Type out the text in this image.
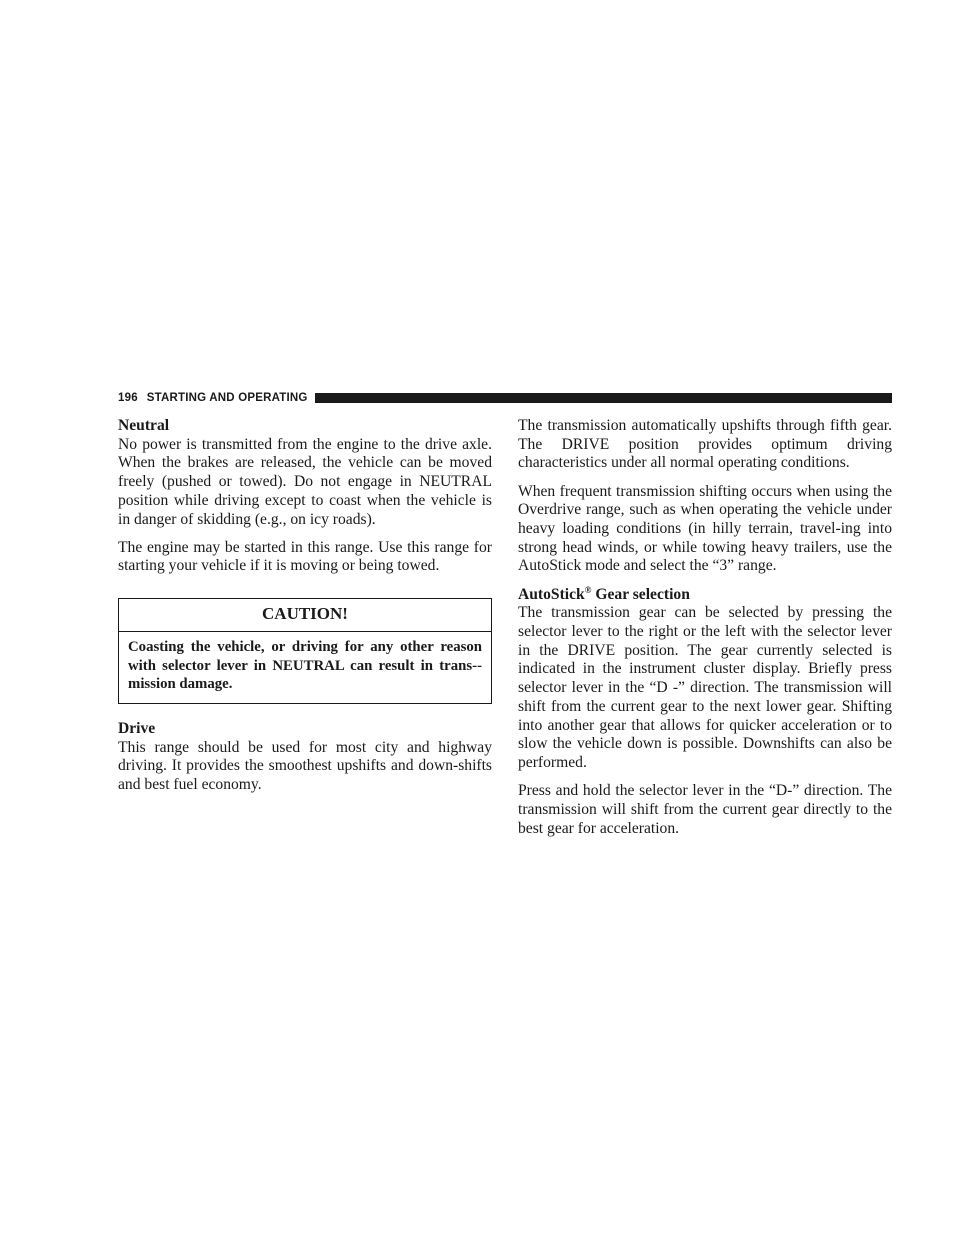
196 STARTING AND OPERATING
Neutral

No power is transmitted from the engine to the drive axle. When the brakes are released, the vehicle can be moved freely (pushed or towed). Do not engage in NEUTRAL position while driving except to coast when the vehicle is in danger of skidding (e.g., on icy roads).

The engine may be started in this range. Use this range for starting your vehicle if it is moving or being towed.

CAUTION!
Coasting the vehicle, or driving for any other reason with selector lever in NEUTRAL can result in trans-mission damage.
Drive

This range should be used for most city and highway driving. It provides the smoothest upshifts and down-shifts and best fuel economy.

The transmission automatically upshifts through fifth gear. The DRIVE position provides optimum driving characteristics under all normal operating conditions.

When frequent transmission shifting occurs when using the Overdrive range, such as when operating the vehicle under heavy loading conditions (in hilly terrain, travel-ing into strong head winds, or while towing heavy trailers, use the AutoStick mode and select the “3” range.

AutoStick® Gear selection

The transmission gear can be selected by pressing the selector lever to the right or the left with the selector lever in the DRIVE position. The gear currently selected is indicated in the instrument cluster display. Briefly press selector lever in the “D -” direction. The transmission will shift from the current gear to the next lower gear. Shifting into another gear that allows for quicker acceleration or to slow the vehicle down is possible. Downshifts can also be performed.

Press and hold the selector lever in the “D-” direction. The transmission will shift from the current gear directly to the best gear for acceleration.
